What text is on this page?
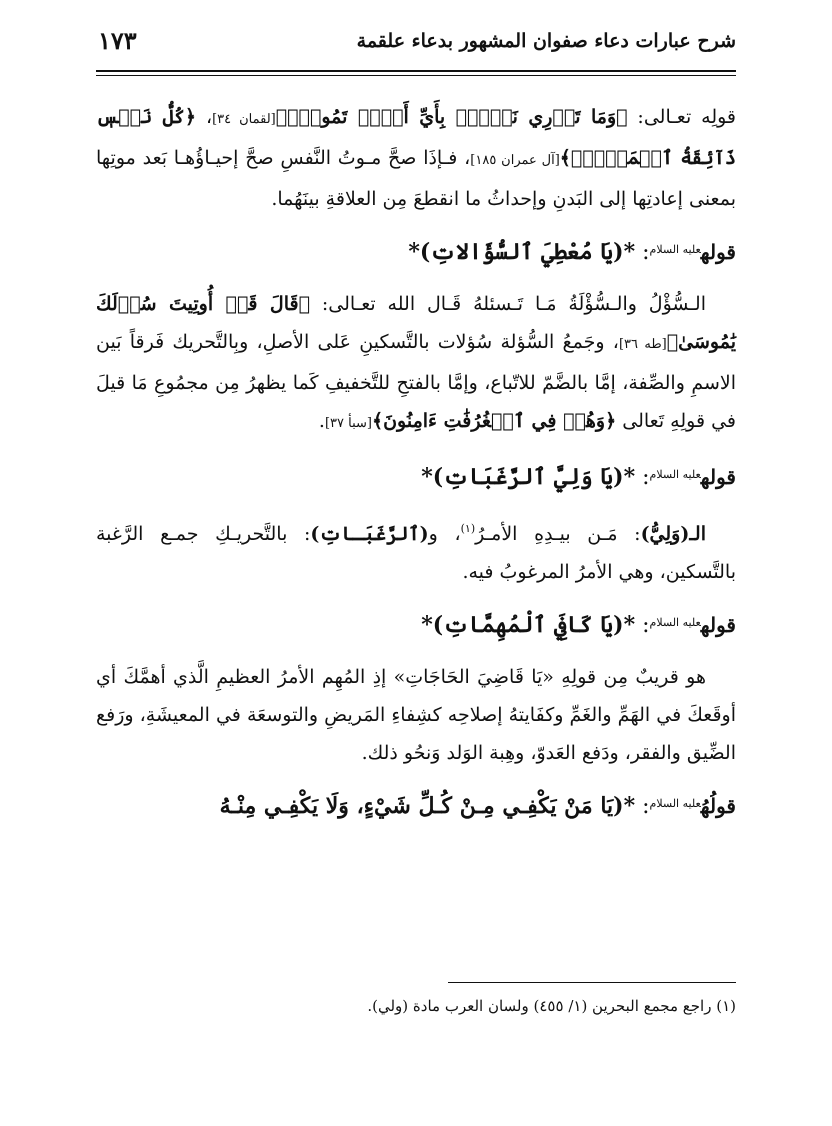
شرح عبارات دعاء صفوان المشهور بدعاء علقمة
١٧٣

قولِه تعـالى: ﴿وَمَا تَدۡرِي نَفۡسُۢ بِأَيِّ أَرۡضٖ تَمُوتُۚ﴾[لقمان ٣٤]، ﴿كُلُّ نَفۡسٖ ذَآئِقَةُ ٱلۡمَوۡتِۗ﴾[آل عمران ١٨٥]، فـإذَا صحَّ مـوتُ النَّفسِ صحَّ إحيـاؤُهـا بَعد موتِها بمعنى إعادتِها إلى البَدنِ وإحداثُ ما انقطعَ مِن العلاقةِ بينَهُما.

قوله$^{عليه السلام}$: *(يَا مُعْطِيَ ٱلسُّؤَالاتِ)*

الـسُّؤْلُ والـسُّؤْلَةُ مَـا تَـسئلهُ قَـال الله تعـالى: ﴿قَالَ قَدۡ أُوتِيتَ سُؤۡلَكَ يَٰمُوسَىٰ﴾[طه ٣٦]، وجَمعُ السُّؤلة سُؤلات بالتَّسكينِ عَلى الأصلِ، وبِالتَّحريك فَرقاً بَين الاسمِ والصِّفة، إمَّا بالضَّمّ للاتّباع، وإمَّا بالفتحِ للتَّخفيفِ كَما يظهرُ مِن مجمُوعِ مَا قيلَ في قولِهِ تَعالى ﴿وَهُمۡ فِي ٱلۡغُرُفَٰتِ ءَامِنُونَ﴾[سبأ ٣٧].

قوله$^{عليه السلام}$: *(يَا وَلِيَّ ٱلرَّغَبَاتِ)*

الـ(وَلِيُّ): مَـن بيـدِهِ الأمـرُ$^{(١)}$، و(ٱلرَّغَبَـاتِ): بالتَّحريـكِ جمـع الرَّغبة بالتَّسكين، وهي الأمرُ المرغوبُ فيه.

قوله$^{عليه السلام}$: *(يَا كَافِيَ ٱلْمُهِمَّاتِ)*

هو قريبٌ مِن قولِهِ «يَا قَاضِيَ الحَاجَاتِ» إذِ المُهِم الأمرُ العظيمِ الَّذي أهمَّكَ أي أوقَعكَ في الهَمِّ والغَمِّ وكفَايتهُ إصلاحِه كشِفاءِ المَريضِ والتوسعَة في المعيشَةِ، ورَفع الضِّيق والفقر، ودَفع العَدوّ، وهِبة الوَلد وَنحُو ذلك.

قولُهُ$^{عليه السلام}$: *(يَا مَنْ يَكْفِـي مِـنْ كُـلِّ شَيْءٍ، وَلَا يَكْفِـي مِنْـهُ
(١) راجع مجمع البحرين (١/ ٤٥٥) ولسان العرب مادة (ولي).
